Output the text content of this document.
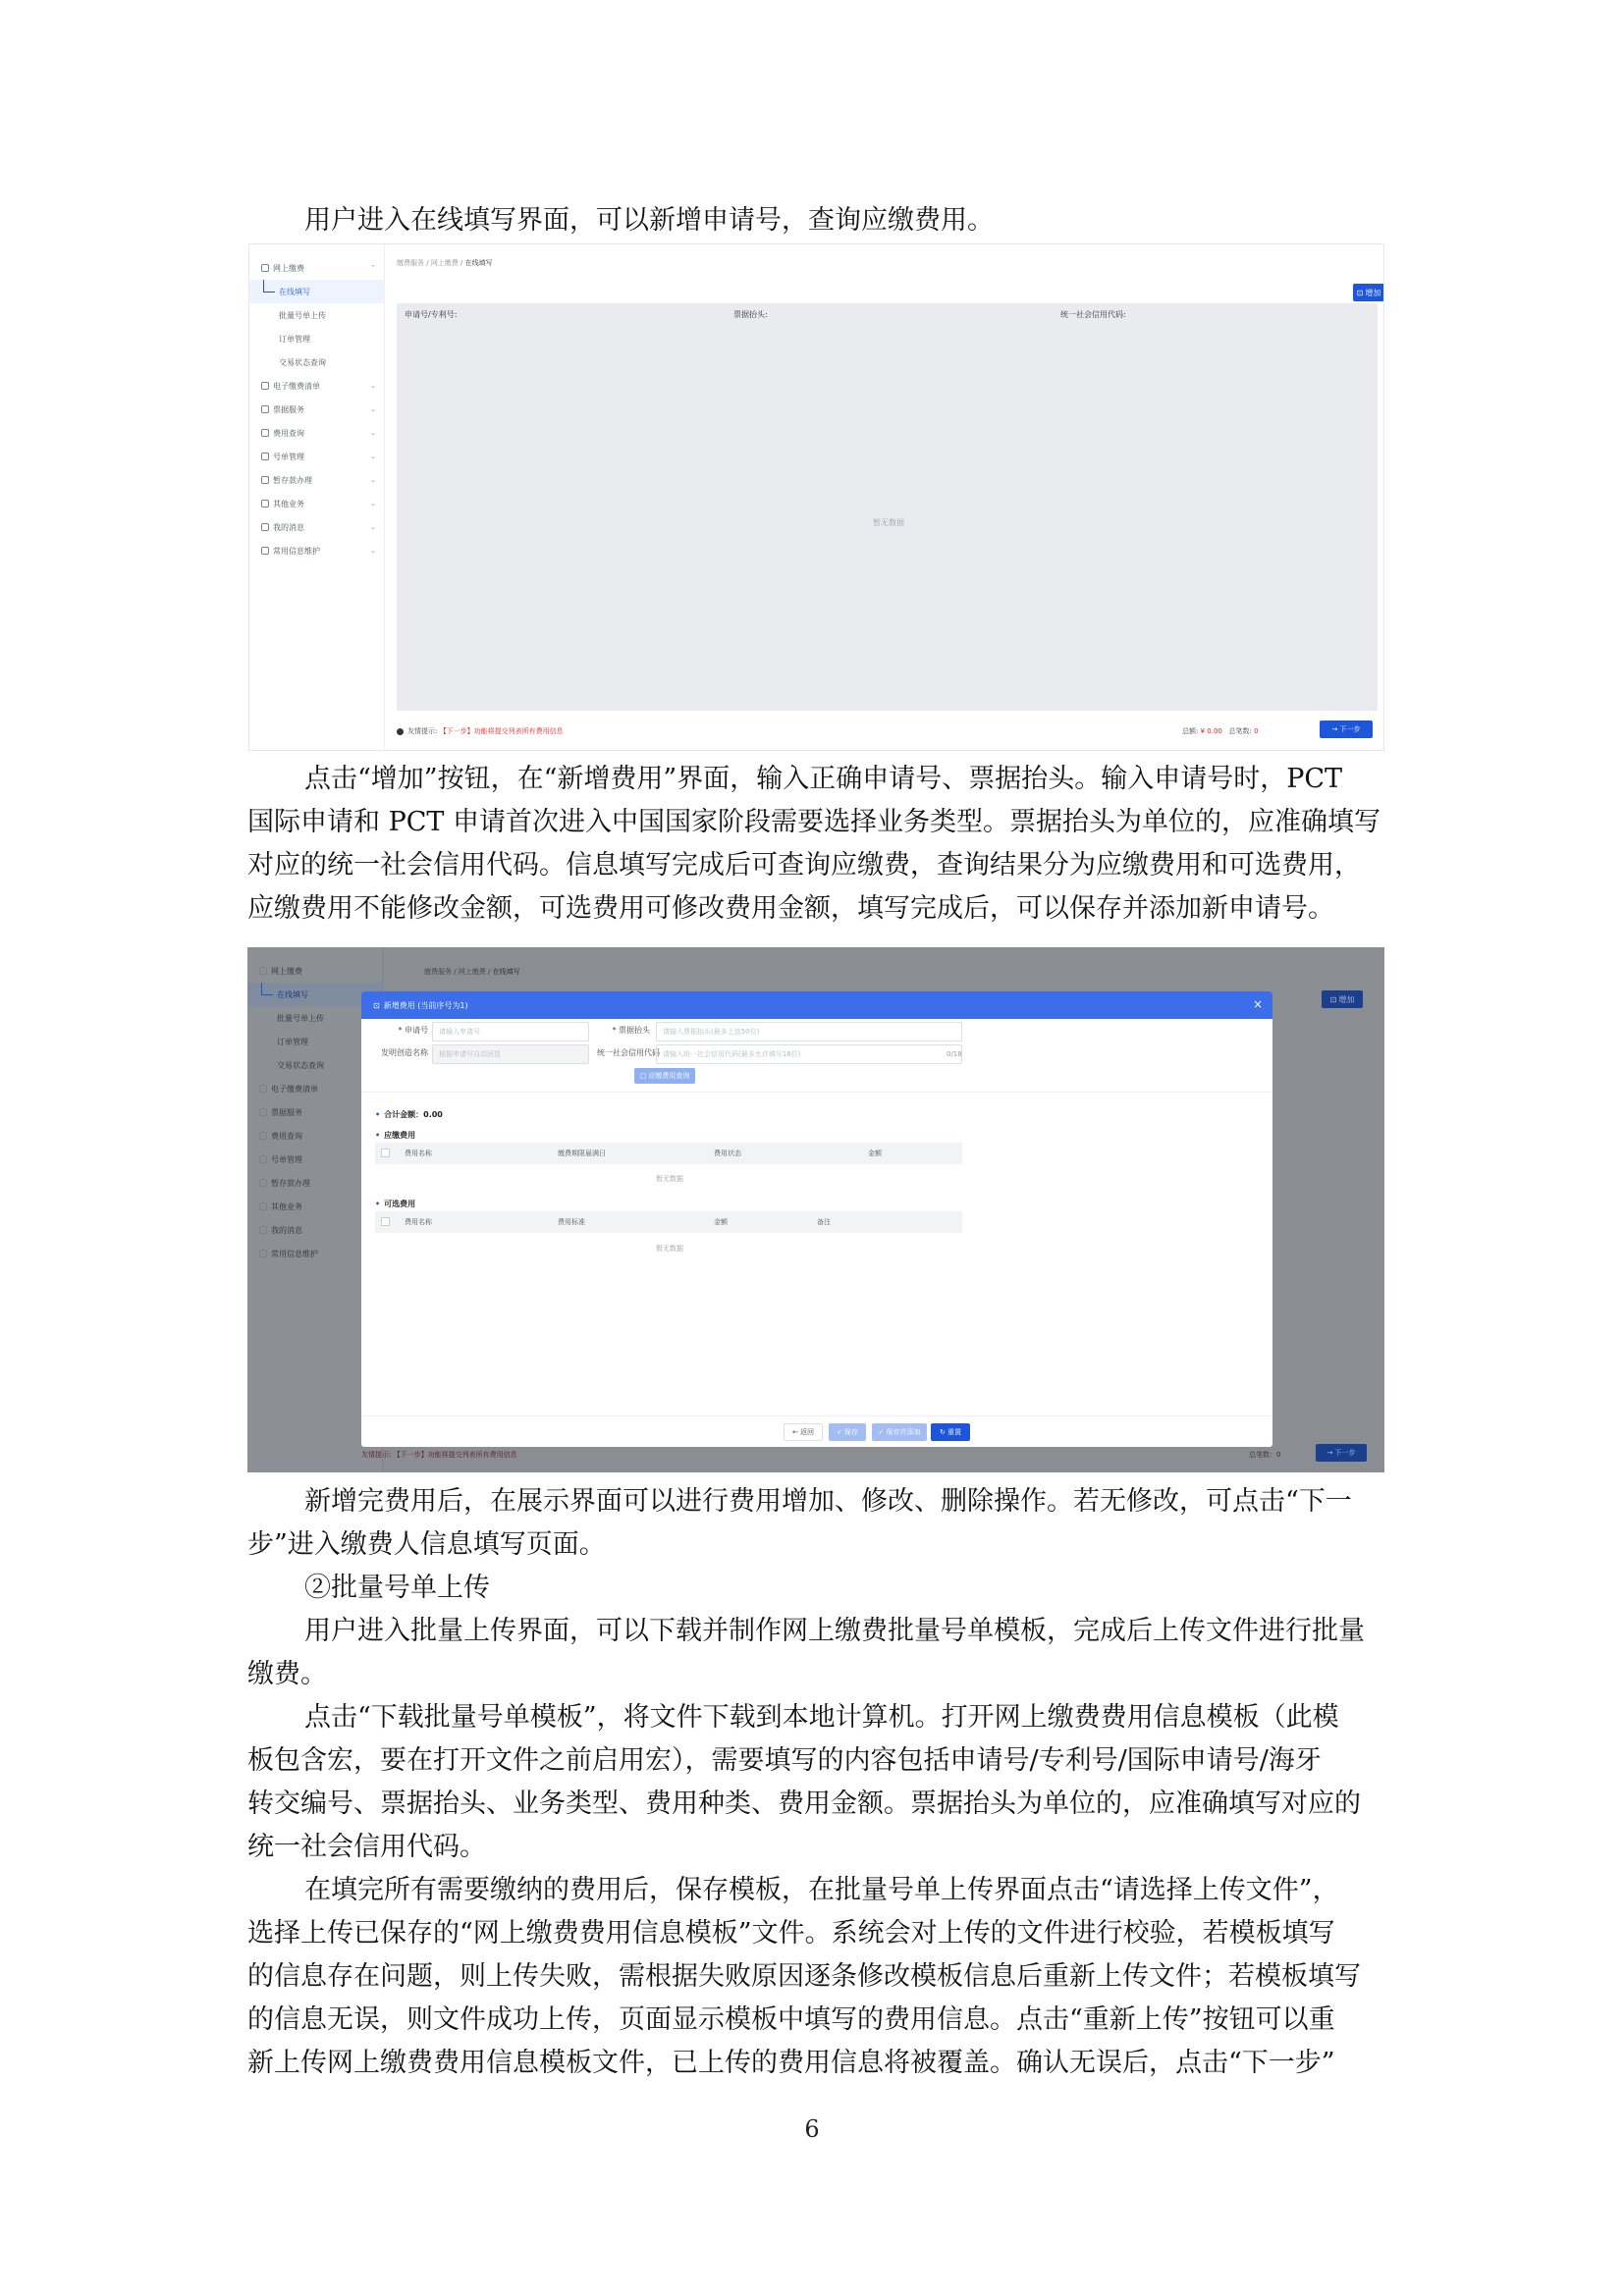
用户进入在线填写界面，可以新增申请号，查询应缴费用。
网上缴费	⌃
在线填写
批量号单上传
订单管理
交易状态查询
电子缴费清单	⌄
票据服务	⌄
费用查询	⌄
号单管理	⌄
暂存款办理	⌄
其他业务	⌄
我的消息	⌄
常用信息维护	⌄
缴费服务 / 网上缴费 / 在线填写
⊡ 增加
申请号/专利号:	票据抬头:	统一社会信用代码:
暂无数据
友情提示: 【下一步】功能将提交列表所有费用信息	总额: ¥ 0.00 总笔数: 0	→ 下一步
点击“增加”按钮，在“新增费用”界面，输入正确申请号、票据抬头。输入申请号时，PCT
国际申请和 PCT 申请首次进入中国国家阶段需要选择业务类型。票据抬头为单位的，应准确填写
对应的统一社会信用代码。信息填写完成后可查询应缴费，查询结果分为应缴费用和可选费用，
应缴费用不能修改金额，可选费用可修改费用金额，填写完成后，可以保存并添加新申请号。
网上缴费	⌃
在线填写
批量号单上传
订单管理
交易状态查询
电子缴费清单
票据服务
费用查询
号单管理
暂存款办理
其他业务
我的消息
常用信息维护
缴费服务 / 网上缴费 / 在线填写
⊡ 增加
友情提示: 【下一步】功能将提交列表所有费用信息	总笔数：0	→ 下一步
⊡ 新增费用 (当前序号为1)	×
* 申请号	请输入申请号	* 票据抬头	请输入票据抬头(最多上送50位)
发明创造名称	根据申请号自动回显	统一社会信用代码 请输入统一社会信用代码(最多允许填写18位)	0/18
▢ 应缴费用查询
• 合计金额：0.00
• 应缴费用
费用名称	缴费期限届满日	费用状态	金额
暂无数据
• 可选费用
费用名称	费用标准	金额	备注
暂无数据
← 返回	✓ 保存	✓ 保存并添加	↻ 重置
新增完费用后，在展示界面可以进行费用增加、修改、删除操作。若无修改，可点击“下一
步”进入缴费人信息填写页面。
②批量号单上传
用户进入批量上传界面，可以下载并制作网上缴费批量号单模板，完成后上传文件进行批量
缴费。
点击“下载批量号单模板”，将文件下载到本地计算机。打开网上缴费费用信息模板（此模
板包含宏，要在打开文件之前启用宏），需要填写的内容包括申请号/专利号/国际申请号/海牙
转交编号、票据抬头、业务类型、费用种类、费用金额。票据抬头为单位的，应准确填写对应的
统一社会信用代码。
在填完所有需要缴纳的费用后，保存模板，在批量号单上传界面点击“请选择上传文件”，
选择上传已保存的“网上缴费费用信息模板”文件。系统会对上传的文件进行校验，若模板填写
的信息存在问题，则上传失败，需根据失败原因逐条修改模板信息后重新上传文件；若模板填写
的信息无误，则文件成功上传，页面显示模板中填写的费用信息。点击“重新上传”按钮可以重
新上传网上缴费费用信息模板文件，已上传的费用信息将被覆盖。确认无误后，点击“下一步”
6
